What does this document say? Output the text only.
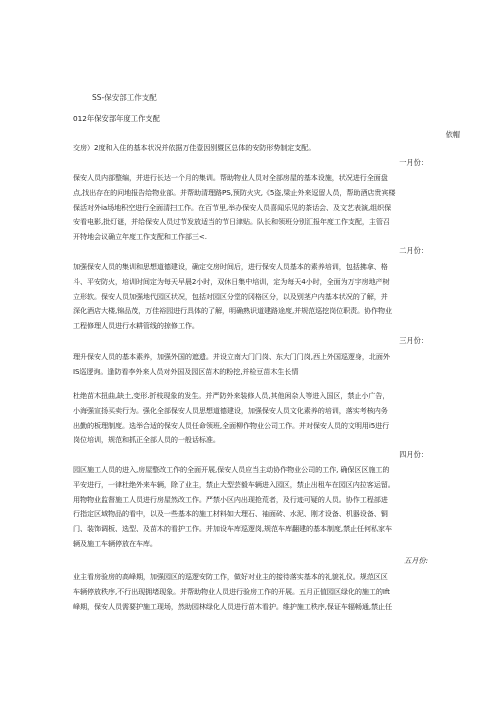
SS-保安部工作支配
012年保安部年度工作支配
依帽
交房）2度和入住的基本状况并依据万佳壹因别暨区总体的安防形势制定支配。
一月份：
保安人员内部整编，并进行长达一个月的集训。帮助物业人员对全部房屋的基本设施，状况进行全面盘
点,找出存在的问地报告给物业部。并帮助清理路PS,预防火灾,《5盗,梁止外来逗留人员，帮助酒店贵宾楼
保活对外ia场地积空进行全面清扫工作。在百节里,举办保安人员喜闻乐见的茶话会、及文艺表演,组织保
安看电影,批灯谜，并给保安人员过节发放适当的节日津贴。队长和领班分别汇报年度工作支配，主管召
开特地会议确立年度工作支配和工作部三<.
二月份：
加强保安人员的集训和思想道德建设，确定交房时间后，进行保安人员基本的素养培训，包括拂拿、格
斗、平安防火，培训时间定为每天早晨2小时，双休日集中培训，定为每天4小时，全面为万宇房地产树
立形软。保安人员加强地代园区状况，包括对园区分堂的冈格区分，以及别茎户内基本状况的了解，并
深化酒店大楼,锦品茂，万佳裕园进行具体的了解，明确熟识道建路途度,并规范巡挖岗位职责。协作物业
工程修理人员进行水耕管线的掠修工作。
三月份：
理升保安人员的基本素养，加强外国的遮遗。并设立南大门门岗、东大门门岗,西上外国巡逻身，北面外
IS巡逻询。逢防看李外来人员对外国及园区苗木的粉挖,并检豆苗木生长情
杜绝苗木扭曲,缺土,变形.折枝现象的发生。并严防外来装修人员,其他闲杂人等进入国区，禁止小广告，
小海强宣扬买卖行为。强化全部保安人员思想道德建设，加强保安人员文化素养的培训，落实考核内务
出勤的板理制度。选举合适的保安人员任命领班,全面柳作物业公司工作。并对保安人员的文明用i5进行
岗位培训，规范和抓正全部人员的一般话标准。
四月份：
园区施工人员的进入,房屋整改工作的全面开展,保安人员应当主动协作物业公司的工作, 确保区区施工的
平安进行，一律杜绝外来车辆，除了业主，禁止大型芸毅车辆进入园区，禁止出租车在园区内拉客运留。
用物物业监督施工人员进行房屋然改工作。严禁小区内出现抢荒者，及行迹可疑的人员。协作工程部进
行指定区域物品的看中，以及一些基本的施工材料如大理石、袖面砖、水泥、刚才设备、机器设备、铜
门、装饰调板、选型、及苗木的看护工作。并加设车库巡逻岗,规范车库翻建的基本制度,禁止任何私家车
辆及施工车辆停放在车库。
五月份:
业主看房验房的高峰期，加强园区的巡逻安防工作，做好对业主的接待落实基本的礼貌礼仪。规范区区
车辆停放秩序,不行出现拥堵现象。并帮助物业人员进行验房工作的开展。五月正值园区绿化的施工的Ift
峰期，保安人员需要护施工现场，然助园林绿化人员进行苗木看护。维护施工秩序,保证车辐畅通,禁止任
